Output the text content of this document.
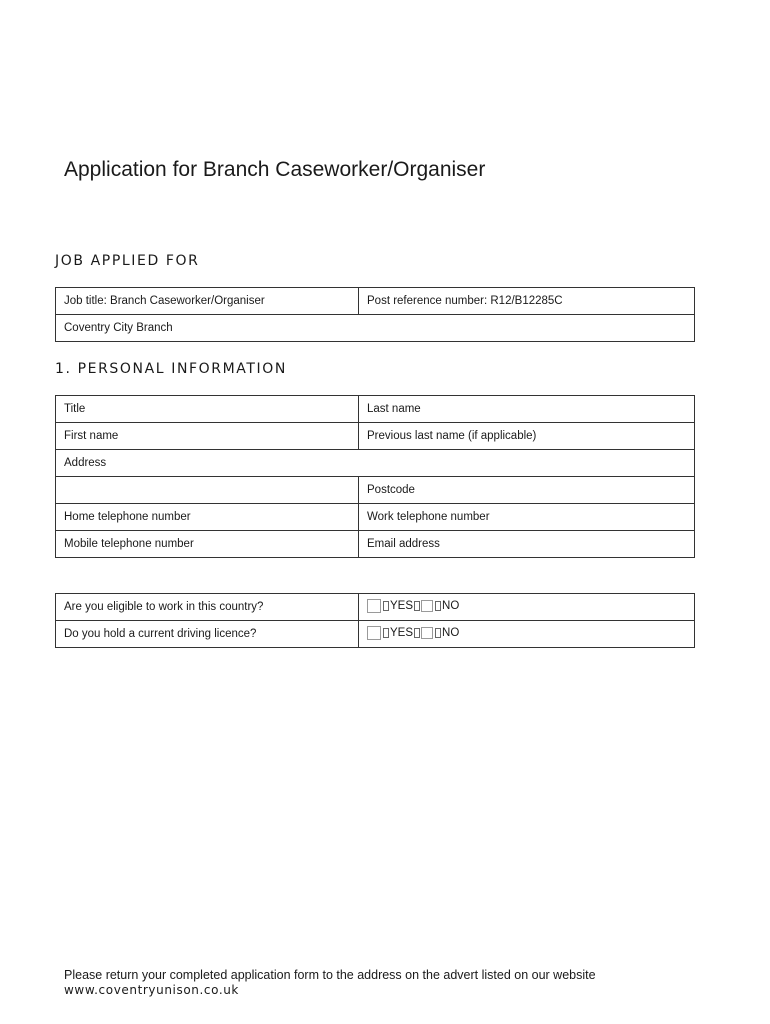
Application for Branch Caseworker/Organiser
JOB APPLIED FOR
Job title: Branch Caseworker/Organiser	Post reference number: R12/B12285C
Coventry City Branch
1. PERSONAL INFORMATION
Title	Last name
First name	Previous last name (if applicable)
Address	
	Postcode
Home telephone number	Work telephone number
Mobile telephone number	Email address
Are you eligible to work in this country?	YES NO

Do you hold a current driving licence?	YES NO
Please return your completed application form to the address on the advert listed on our website
www.coventryunison.co.uk
